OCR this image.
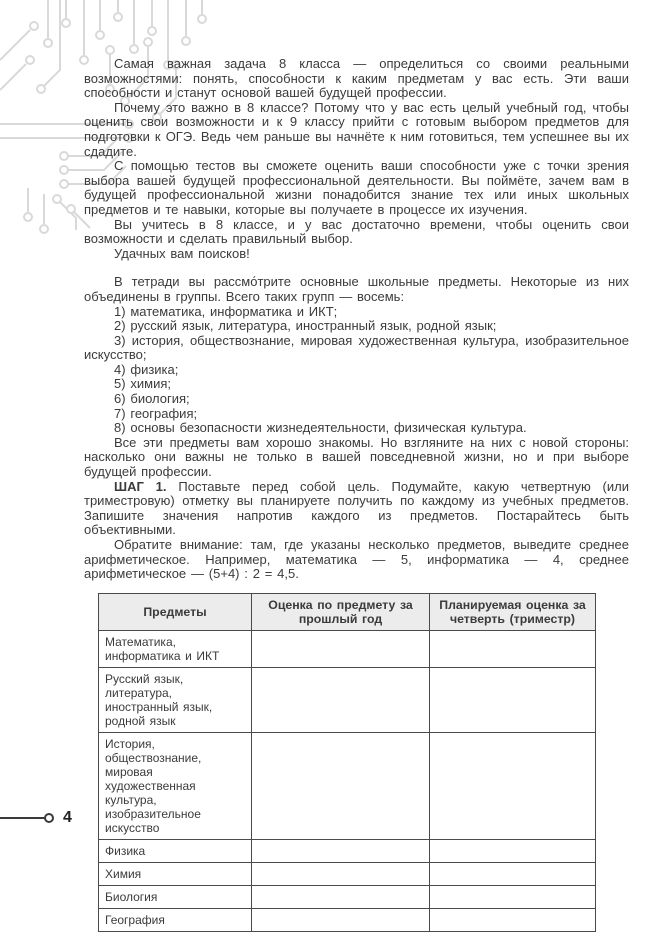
Самая важная задача 8 класса — определиться со своими реальными возможностями: понять, способности к каким предметам у вас есть. Эти ваши способности и станут основой вашей будущей профессии.

Почему это важно в 8 классе? Потому что у вас есть целый учебный год, чтобы оценить свои возможности и к 9 классу прийти с готовым выбором предметов для подготовки к ОГЭ. Ведь чем раньше вы начнёте к ним готовиться, тем успешнее вы их сдадите.

С помощью тестов вы сможете оценить ваши способности уже с точки зрения выбора вашей будущей профессиональной деятельности. Вы поймёте, зачем вам в будущей профессиональной жизни понадобится знание тех или иных школьных предметов и те навыки, которые вы получаете в процессе их изучения.

Вы учитесь в 8 классе, и у вас достаточно времени, чтобы оценить свои возможности и сделать правильный выбор.

Удачных вам поисков!

В тетради вы рассмо́трите основные школьные предметы. Некоторые из них объединены в группы. Всего таких групп — восемь:

1) математика, информатика и ИКТ;

2) русский язык, литература, иностранный язык, родной язык;

3) история, обществознание, мировая художественная культура, изобразительное искусство;

4) физика;

5) химия;

6) биология;

7) география;

8) основы безопасности жизнедеятельности, физическая культура.

Все эти предметы вам хорошо знакомы. Но взгляните на них с новой стороны: насколько они важны не только в вашей повседневной жизни, но и при выборе будущей профессии.

ШАГ 1. Поставьте перед собой цель. Подумайте, какую четвертную (или триместровую) отметку вы планируете получить по каждому из учебных предметов. Запишите значения напротив каждого из предметов. Постарайтесь быть объективными.

Обратите внимание: там, где указаны несколько предметов, выведите среднее арифметическое. Например, математика — 5, информатика — 4, среднее арифметическое — (5+4) : 2 = 4,5.

Предметы	Оценка по предмету за прошлый год	Планируемая оценка за четверть (триместр)
Математика, информатика и ИКТ		
Русский язык, литература, иностранный язык, родной язык		
История, обществознание, мировая художественная культура, изобразительное искусство		
Физика		
Химия		
Биология		
География		
4
